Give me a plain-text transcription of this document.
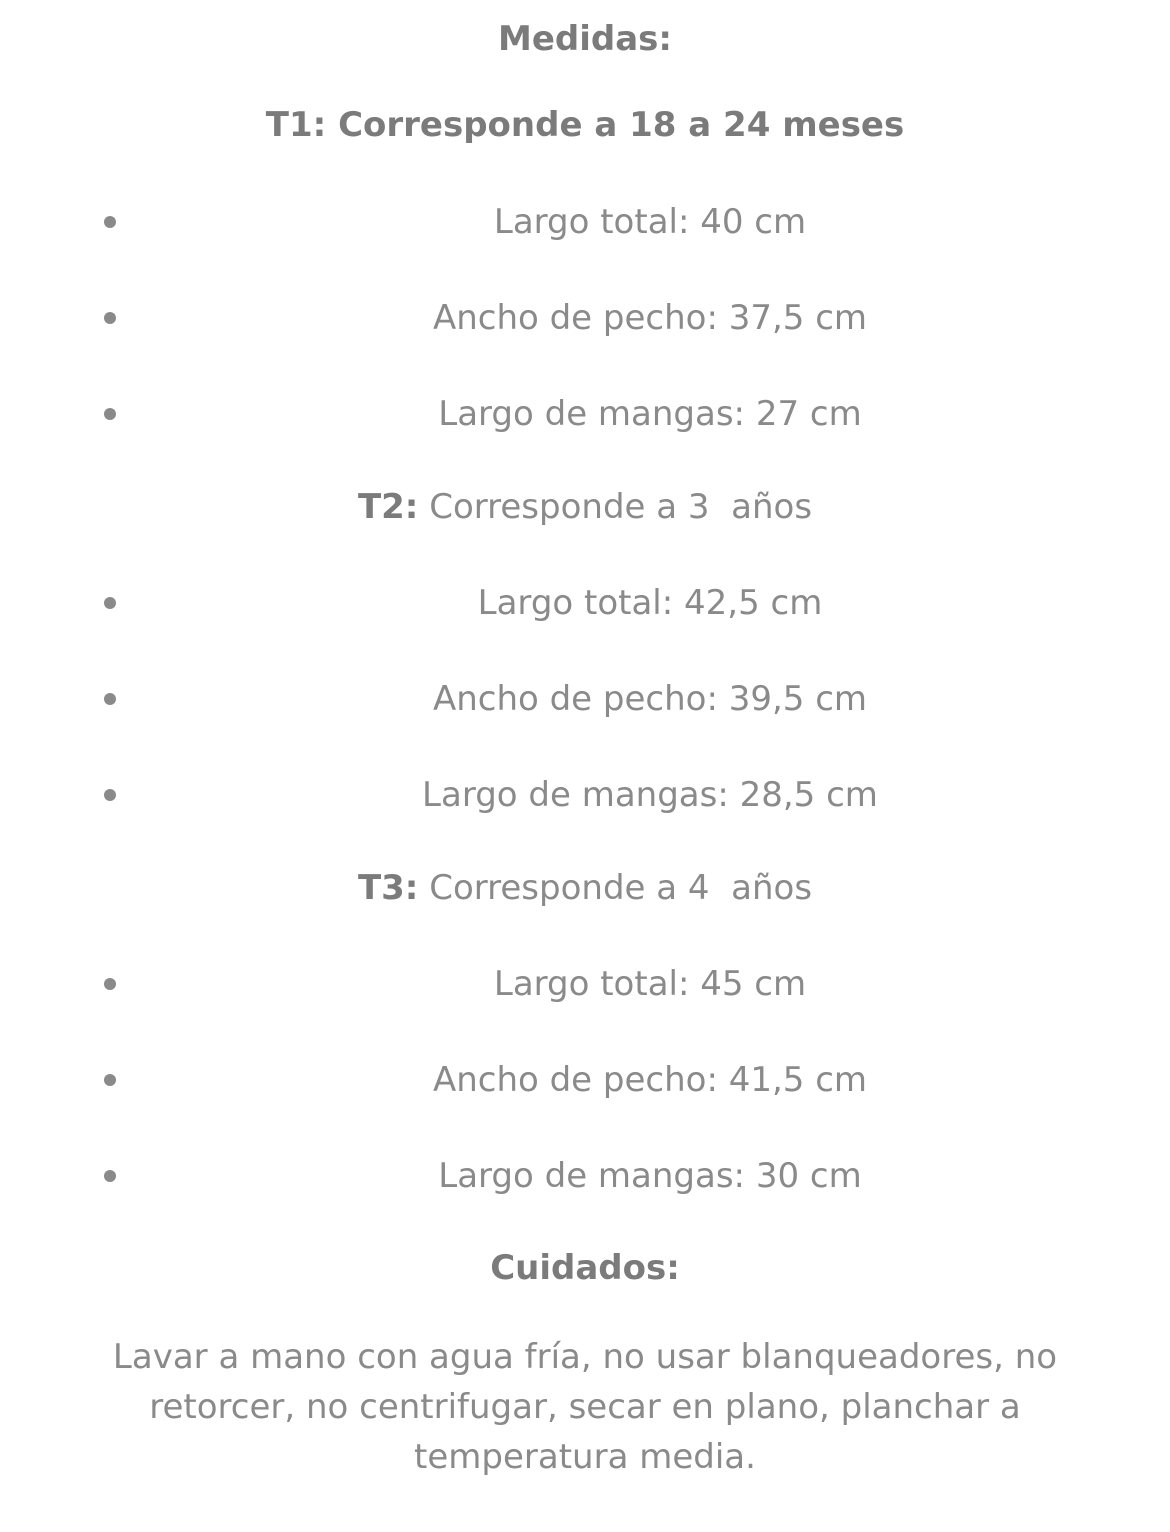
Medidas:
T1: Corresponde a 18 a 24 meses
Largo total: 40 cm
Ancho de pecho: 37,5 cm
Largo de mangas: 27 cm
T2: Corresponde a 3  años
Largo total: 42,5 cm
Ancho de pecho: 39,5 cm
Largo de mangas: 28,5 cm
T3: Corresponde a 4  años
Largo total: 45 cm
Ancho de pecho: 41,5 cm
Largo de mangas: 30 cm
Cuidados:
Lavar a mano con agua fría, no usar blanqueadores, no retorcer, no centrifugar, secar en plano, planchar a temperatura media.
